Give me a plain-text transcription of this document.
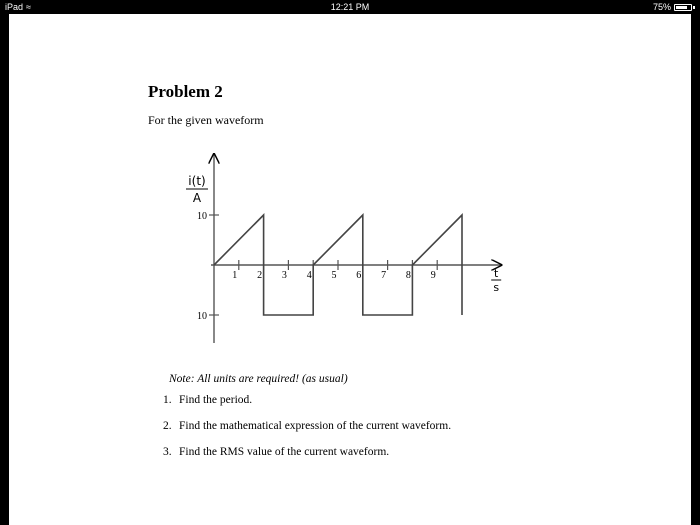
iPad ≈	12:21 PM	75%
Problem 2
For the given waveform
1 2 3 4 5 6 7 8 9
10
10
i(t)
A
t
s
Note: All units are required! (as usual)
1. Find the period.
2. Find the mathematical expression of the current waveform.
3. Find the RMS value of the current waveform.
